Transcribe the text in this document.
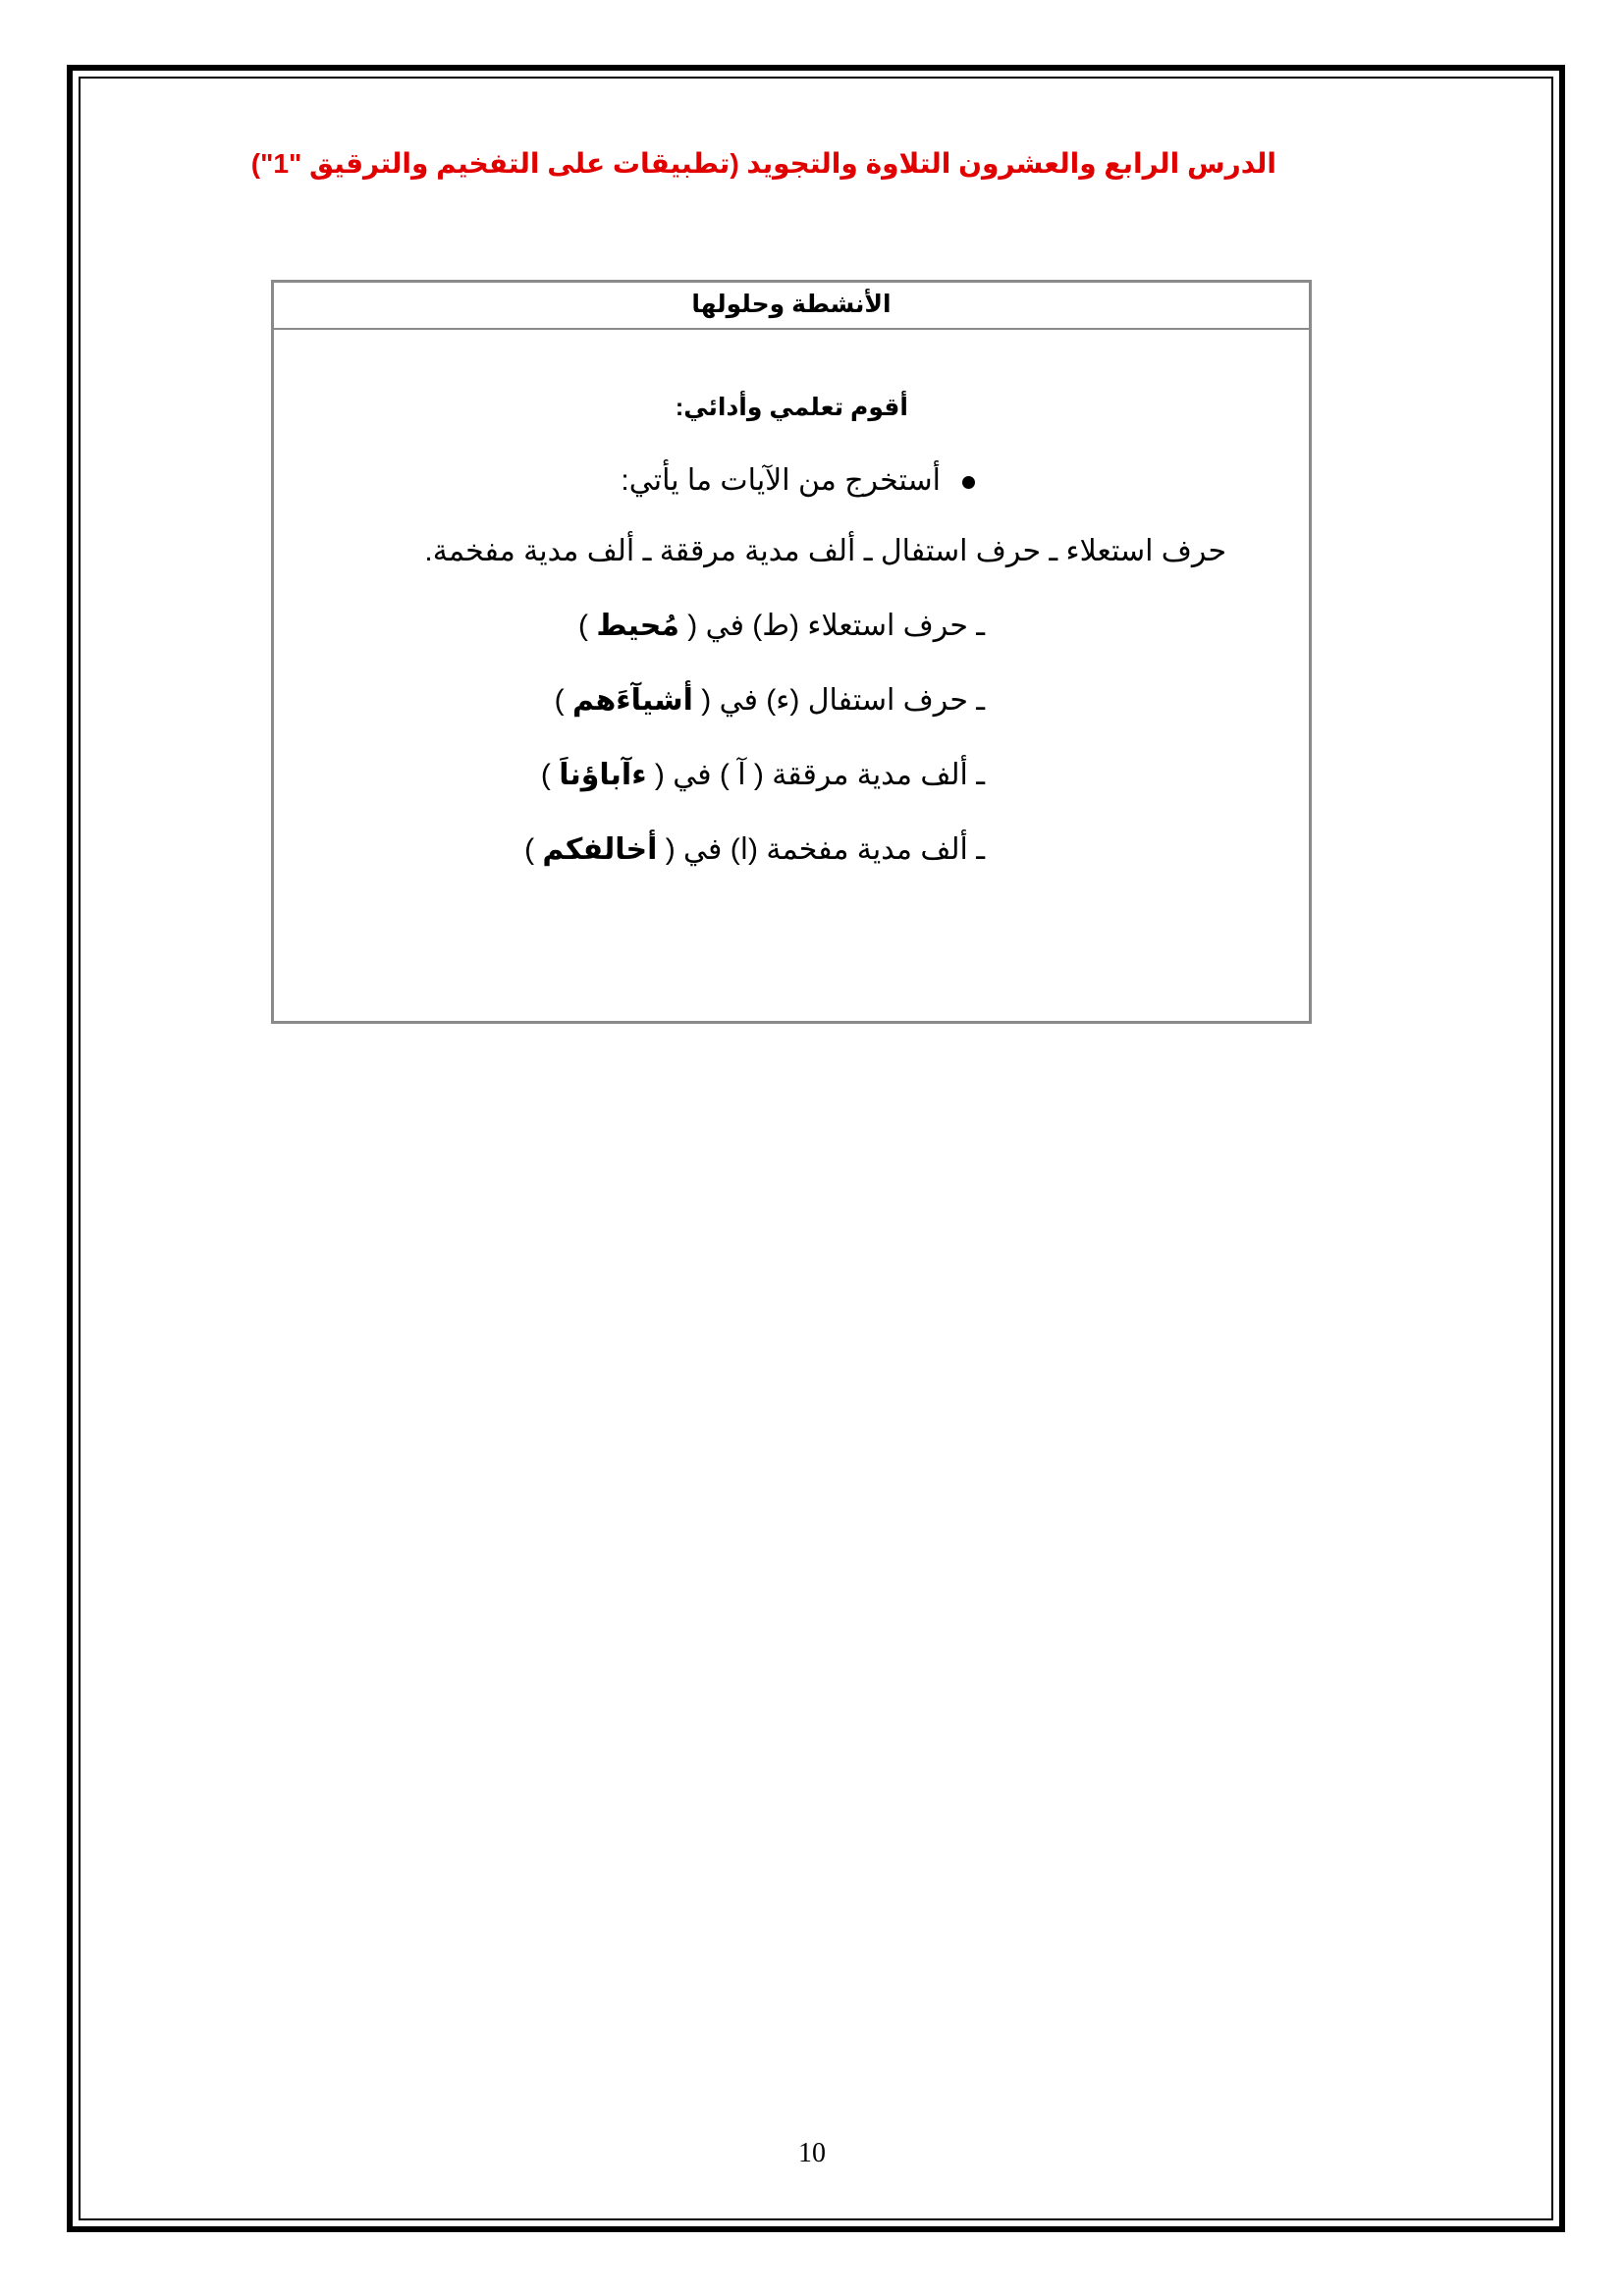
الدرس الرابع والعشرون التلاوة والتجويد (تطبيقات على التفخيم والترقيق "1")
الأنشطة وحلولها
أقوم تعلمي وأدائي:
أستخرج من الآيات ما يأتي:
حرف استعلاء ـ حرف استفال ـ ألف مدية مرققة ـ ألف مدية مفخمة.
ـ حرف استعلاء (ط) في ( مُحيط )
ـ حرف استفال (ء) في ( أشيآءَهم )
ـ ألف مدية مرققة ( آ ) في ( ءآباؤناَ )
ـ ألف مدية مفخمة (ا) في ( أخالفكم )
10
